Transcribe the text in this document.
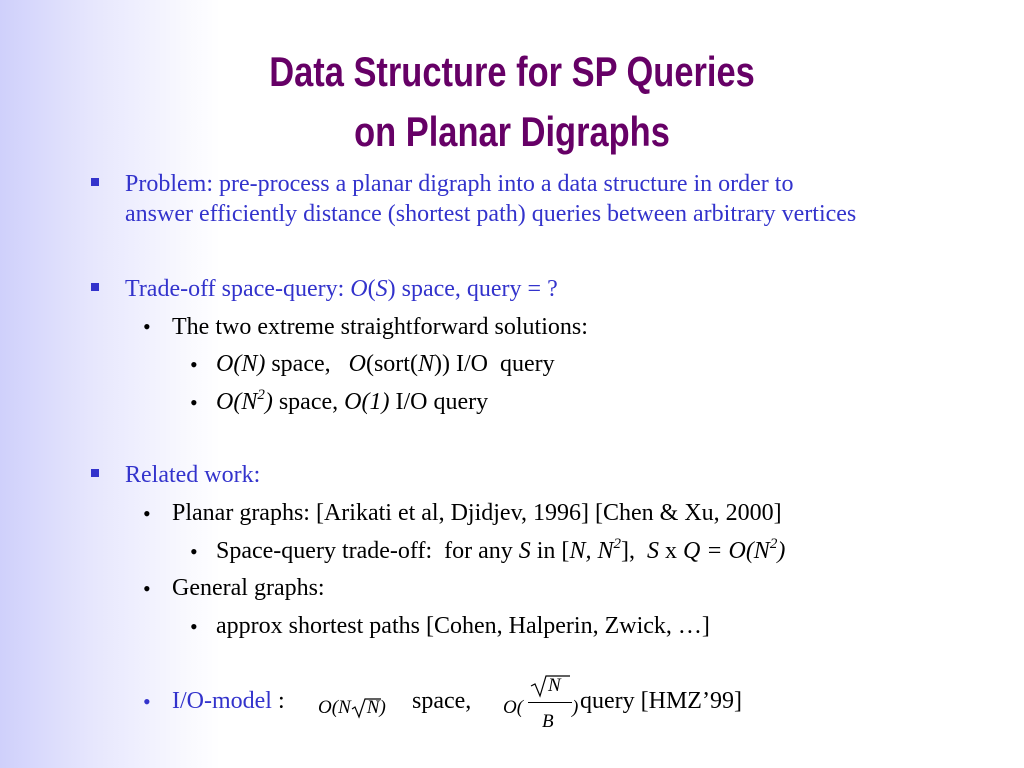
Data Structure for SP Queries
on Planar Digraphs
Problem: pre-process a planar digraph into a data structure in order to
answer efficiently distance (shortest path) queries between arbitrary vertices
Trade-off space-query: O(S) space, query = ?
• The two extreme straightforward solutions:
• O(N) space,   O(sort(N)) I/O  query
• $O(N^2)$ space, O(1) I/O query
Related work:
• Planar graphs: [Arikati et al, Djidjev, 1996] [Chen & Xu, 2000]
• Space-query trade-off:  for any S in [N, $N^2$],  S x $Q = O(N^2)$
• General graphs:
• approx shortest paths [Cohen, Halperin, Zwick, …]
• I/O-model : O(N N) space, O(
N
B
) query [HMZ’99]
